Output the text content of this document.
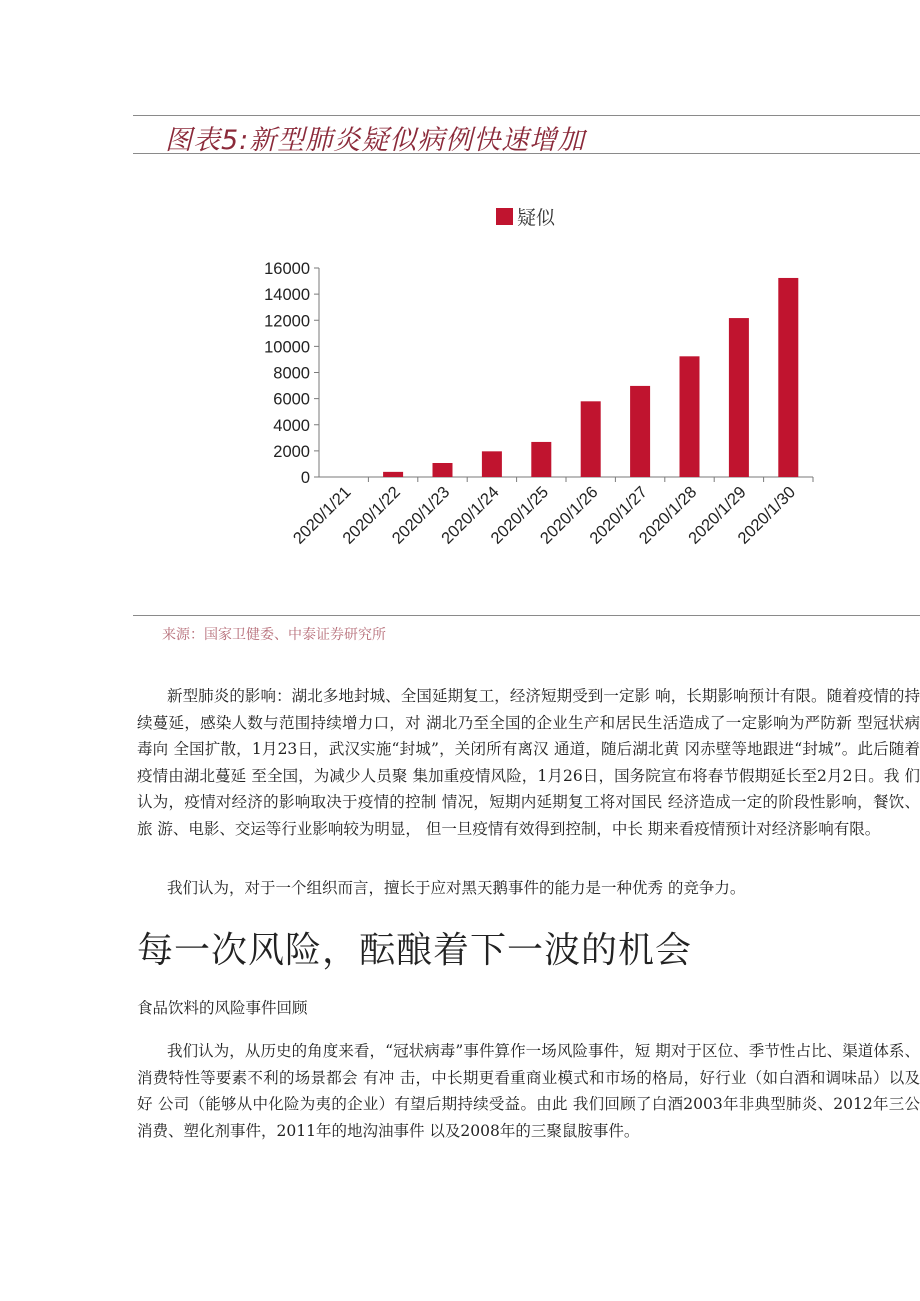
图表5:新型肺炎疑似病例快速增加
疑似
0
2000
4000
6000
8000
10000
12000
14000
16000
2020/1/21
2020/1/22
2020/1/23
2020/1/24
2020/1/25
2020/1/26
2020/1/27
2020/1/28
2020/1/29
2020/1/30
来源：国家卫健委、中泰证券研究所

新型肺炎的影响：湖北多地封城、全国延期复工，经济短期受到一定影 响，长期影响预计有限。随着疫情的持续蔓延，感染人数与范围持续增力口，对 湖北乃至全国的企业生产和居民生活造成了一定影响为严防新 型冠状病毒向 全国扩散，1月23日，武汉实施“封城”，关闭所有离汉 通道，随后湖北黄 冈赤壁等地跟进“封城”。此后随着疫情由湖北蔓延 至全国，为减少人员聚 集加重疫情风险，1月26日，国务院宣布将春节假期延长至2月2日。我 们认为，疫情对经济的影响取决于疫情的控制 情况，短期内延期复工将对国民 经济造成一定的阶段性影响，餐饮、旅 游、电影、交运等行业影响较为明显， 但一旦疫情有效得到控制，中长 期来看疫情预计对经济影响有限。

我们认为，对于一个组织而言，擅长于应对黑天鹅事件的能力是一种优秀 的竞争力。

每一次风险，酝酿着下一波的机会
食品饮料的风险事件回顾

我们认为，从历史的角度来看，“冠状病毒”事件算作一场风险事件，短 期对于区位、季节性占比、渠道体系、消费特性等要素不利的场景都会 有冲 击，中长期更看重商业模式和市场的格局，好行业（如白酒和调味品）以及好 公司（能够从中化险为夷的企业）有望后期持续受益。由此 我们回顾了白酒2003年非典型肺炎、2012年三公消费、塑化剂事件，2011年的地沟油事件 以及2008年的三聚鼠胺事件。
